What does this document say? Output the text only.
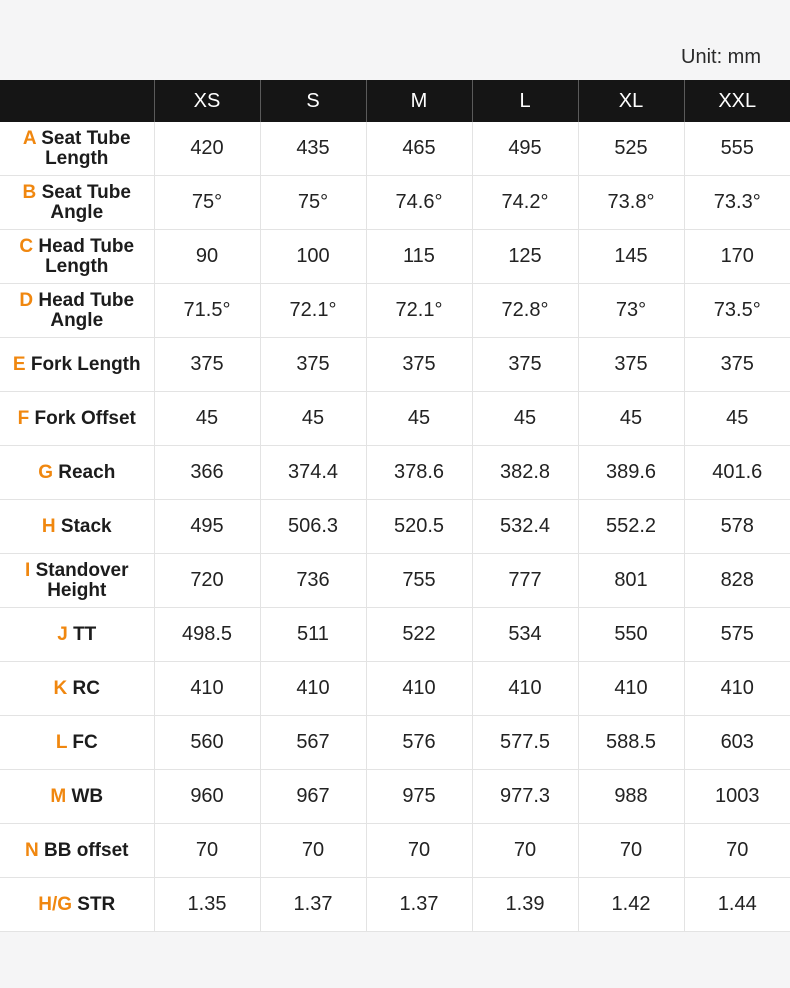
Unit: mm
	XS	S	M	L	XL	XXL
A Seat Tube Length	420	435	465	495	525	555
B Seat Tube Angle	75°	75°	74.6°	74.2°	73.8°	73.3°
C Head Tube Length	90	100	115	125	145	170
D Head Tube Angle	71.5°	72.1°	72.1°	72.8°	73°	73.5°
E Fork Length	375	375	375	375	375	375
F Fork Offset	45	45	45	45	45	45
G Reach	366	374.4	378.6	382.8	389.6	401.6
H Stack	495	506.3	520.5	532.4	552.2	578
I Standover Height	720	736	755	777	801	828
J TT	498.5	511	522	534	550	575
K RC	410	410	410	410	410	410
L FC	560	567	576	577.5	588.5	603
M WB	960	967	975	977.3	988	1003
N BB offset	70	70	70	70	70	70
H/G STR	1.35	1.37	1.37	1.39	1.42	1.44
